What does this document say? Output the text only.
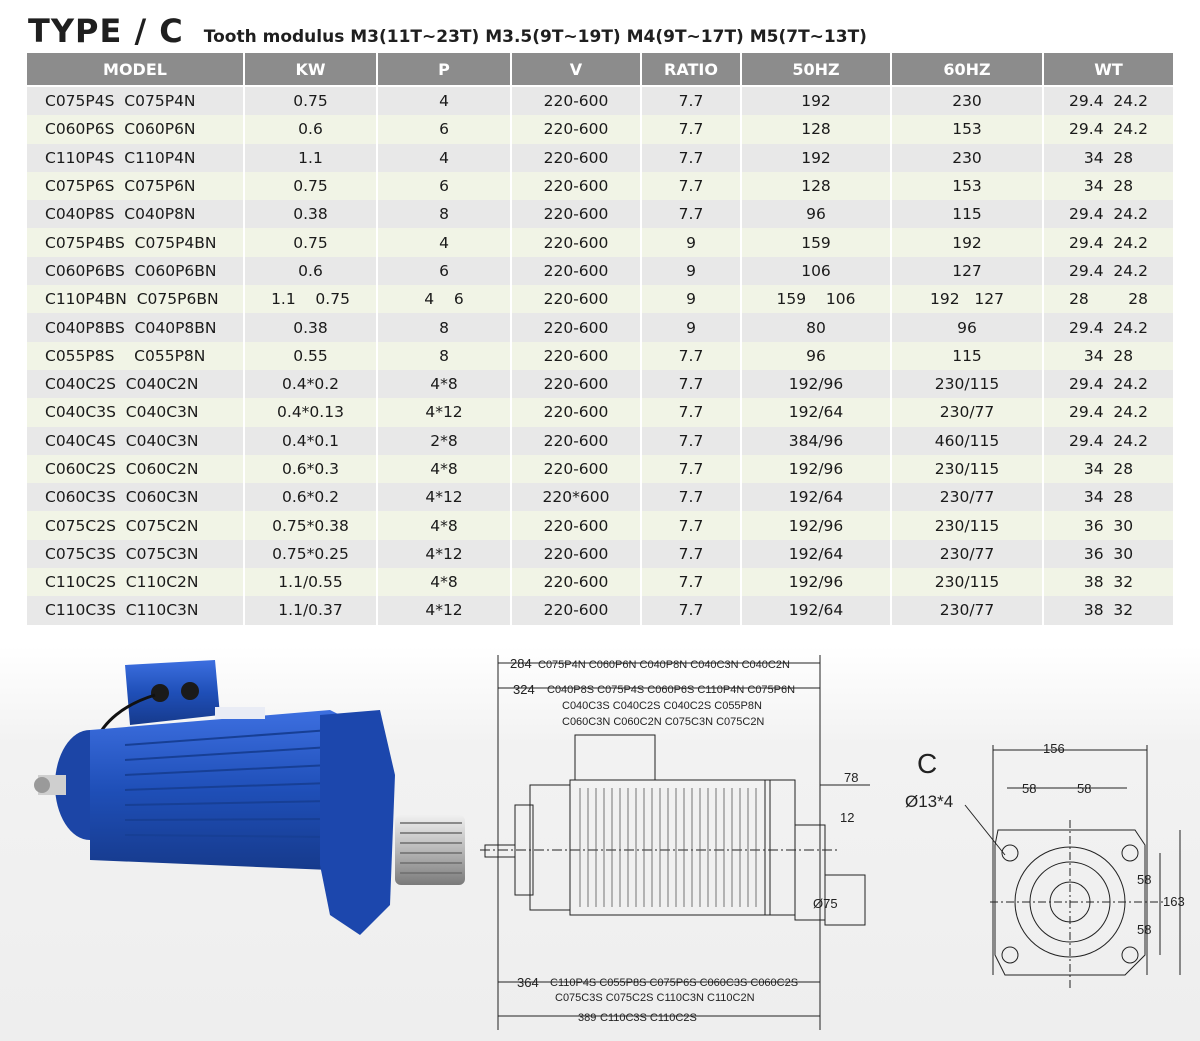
TYPE / C Tooth modulus M3(11T~23T) M3.5(9T~19T) M4(9T~17T) M5(7T~13T)
MODEL	KW	P	V	RATIO	50HZ	60HZ	WT
C075P4S  C075P4N	0.75	4	220-600	7.7	192	230	29.4  24.2
C060P6S  C060P6N	0.6	6	220-600	7.7	128	153	29.4  24.2
C110P4S  C110P4N	1.1	4	220-600	7.7	192	230	34  28
C075P6S  C075P6N	0.75	6	220-600	7.7	128	153	34  28
C040P8S  C040P8N	0.38	8	220-600	7.7	96	115	29.4  24.2
C075P4BS  C075P4BN	0.75	4	220-600	9	159	192	29.4  24.2
C060P6BS  C060P6BN	0.6	6	220-600	9	106	127	29.4  24.2
C110P4BN  C075P6BN	1.1    0.75	4    6	220-600	9	159    106	192   127	28        28
C040P8BS  C040P8BN	0.38	8	220-600	9	80	96	29.4  24.2
C055P8S    C055P8N	0.55	8	220-600	7.7	96	115	34  28
C040C2S  C040C2N	0.4*0.2	4*8	220-600	7.7	192/96	230/115	29.4  24.2
C040C3S  C040C3N	0.4*0.13	4*12	220-600	7.7	192/64	230/77	29.4  24.2
C040C4S  C040C3N	0.4*0.1	2*8	220-600	7.7	384/96	460/115	29.4  24.2
C060C2S  C060C2N	0.6*0.3	4*8	220-600	7.7	192/96	230/115	34  28
C060C3S  C060C3N	0.6*0.2	4*12	220*600	7.7	192/64	230/77	34  28
C075C2S  C075C2N	0.75*0.38	4*8	220-600	7.7	192/96	230/115	36  30
C075C3S  C075C3N	0.75*0.25	4*12	220-600	7.7	192/64	230/77	36  30
C110C2S  C110C2N	1.1/0.55	4*8	220-600	7.7	192/96	230/115	38  32
C110C3S  C110C3N	1.1/0.37	4*12	220-600	7.7	192/64	230/77	38  32
284 C075P4N C060P6N C040P8N C040C3N C040C2N
324 C040P8S C075P4S C060P6S C110P4N C075P6N
C040C3S C040C2S C040C2S C055P8N
C060C3N C060C2N C075C3N C075C2N
78
12
Ø75
364 C110P4S C055P8S C075P6S C060C3S C060C2S
C075C3S C075C2S C110C3N C110C2N
389 C110C3S C110C2S
C
Ø13*4
156
58	58
58
58
163
